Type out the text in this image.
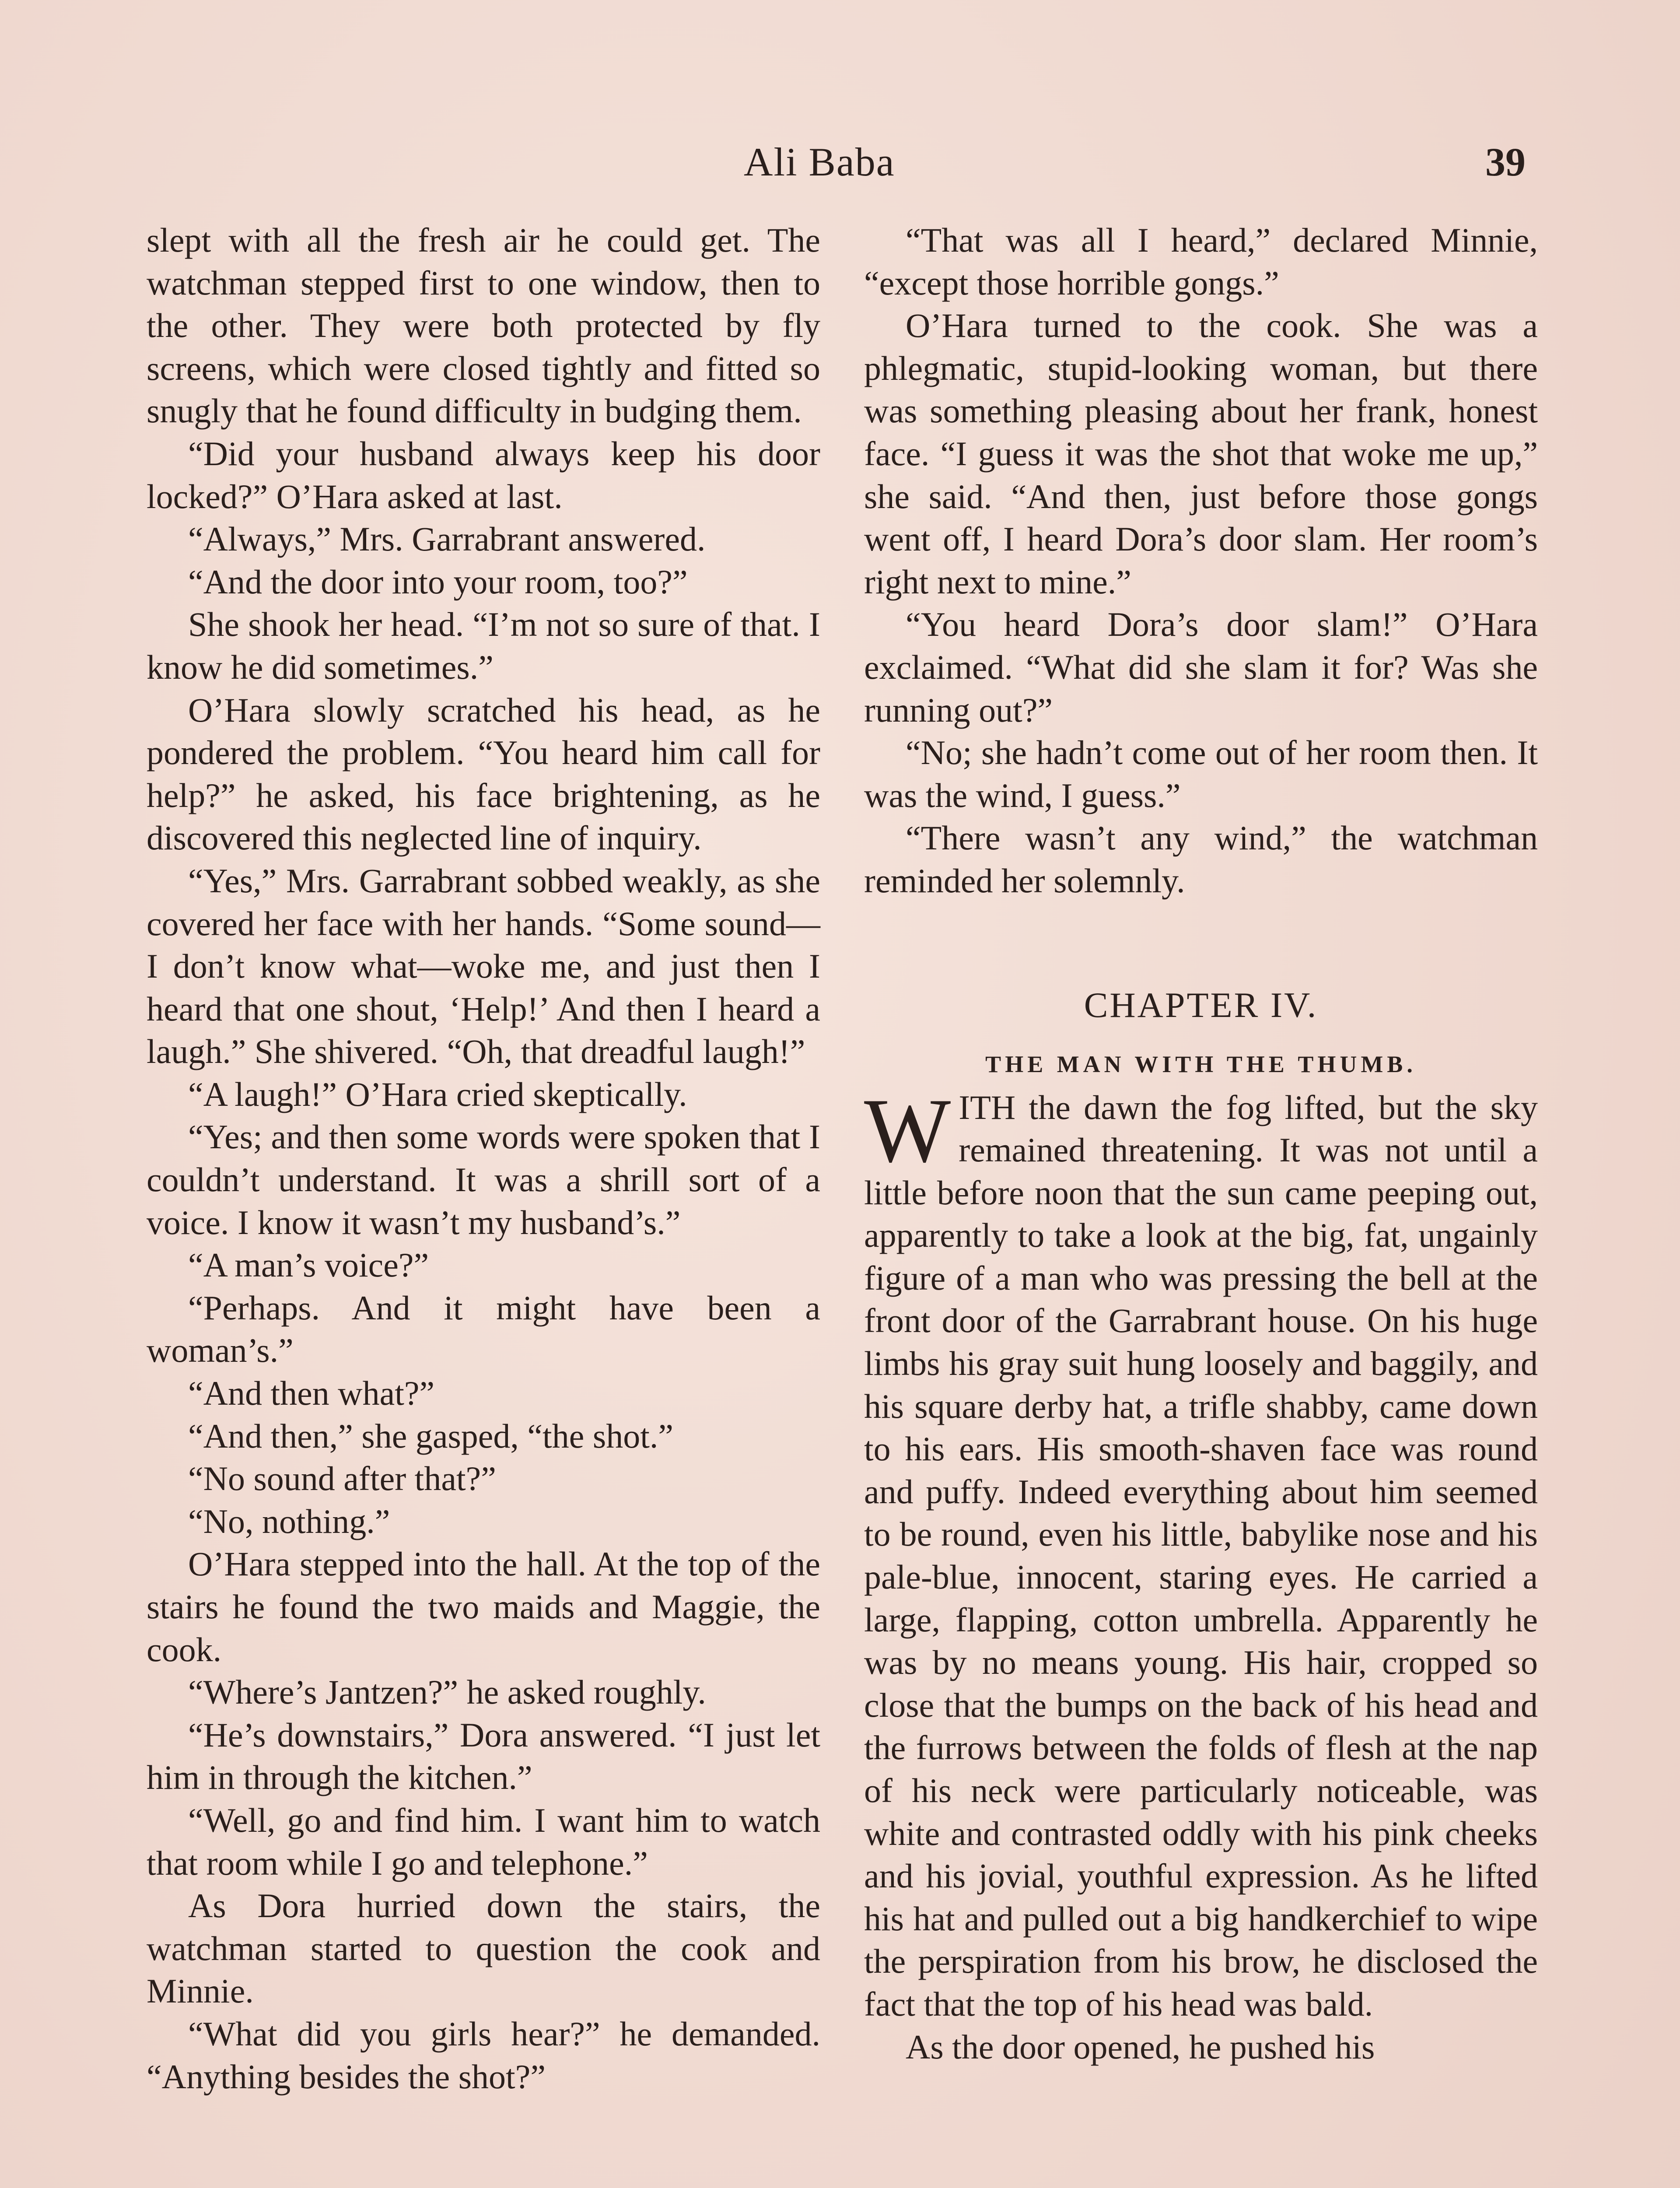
Ali Baba	39

slept with all the fresh air he could get. The watchman stepped first to one window, then to the other. They were both protected by fly screens, which were closed tightly and fitted so snugly that he found difficulty in budging them.

“Did your husband always keep his door locked?” O’Hara asked at last.

“Always,” Mrs. Garrabrant answered.

“And the door into your room, too?”

She shook her head. “I’m not so sure of that. I know he did sometimes.”

O’Hara slowly scratched his head, as he pondered the problem. “You heard him call for help?” he asked, his face brightening, as he discovered this neglected line of inquiry.

“Yes,” Mrs. Garrabrant sobbed weakly, as she covered her face with her hands. “Some sound—I don’t know what—woke me, and just then I heard that one shout, ‘Help!’ And then I heard a laugh.” She shivered. “Oh, that dreadful laugh!”

“A laugh!” O’Hara cried skeptically.

“Yes; and then some words were spoken that I couldn’t understand. It was a shrill sort of a voice. I know it wasn’t my husband’s.”

“A man’s voice?”

“Perhaps. And it might have been a woman’s.”

“And then what?”

“And then,” she gasped, “the shot.”

“No sound after that?”

“No, nothing.”

O’Hara stepped into the hall. At the top of the stairs he found the two maids and Maggie, the cook.

“Where’s Jantzen?” he asked roughly.

“He’s downstairs,” Dora answered. “I just let him in through the kitchen.”

“Well, go and find him. I want him to watch that room while I go and telephone.”

As Dora hurried down the stairs, the watchman started to question the cook and Minnie.

“What did you girls hear?” he demanded. “Anything besides the shot?”

“That was all I heard,” declared Minnie, “except those horrible gongs.”

O’Hara turned to the cook. She was a phlegmatic, stupid-looking woman, but there was something pleasing about her frank, honest face. “I guess it was the shot that woke me up,” she said. “And then, just before those gongs went off, I heard Dora’s door slam. Her room’s right next to mine.”

“You heard Dora’s door slam!” O’Hara exclaimed. “What did she slam it for? Was she running out?”

“No; she hadn’t come out of her room then. It was the wind, I guess.”

“There wasn’t any wind,” the watchman reminded her solemnly.

CHAPTER IV.
THE MAN WITH THE THUMB.

WITH the dawn the fog lifted, but the sky remained threatening. It was not until a little before noon that the sun came peeping out, apparently to take a look at the big, fat, ungainly figure of a man who was pressing the bell at the front door of the Garrabrant house. On his huge limbs his gray suit hung loosely and baggily, and his square derby hat, a trifle shabby, came down to his ears. His smooth-shaven face was round and puffy. Indeed everything about him seemed to be round, even his little, babylike nose and his pale-blue, innocent, staring eyes. He carried a large, flapping, cotton umbrella. Apparently he was by no means young. His hair, cropped so close that the bumps on the back of his head and the furrows between the folds of flesh at the nap of his neck were particularly noticeable, was white and contrasted oddly with his pink cheeks and his jovial, youthful expression. As he lifted his hat and pulled out a big handkerchief to wipe the perspiration from his brow, he disclosed the fact that the top of his head was bald.

As the door opened, he pushed his
